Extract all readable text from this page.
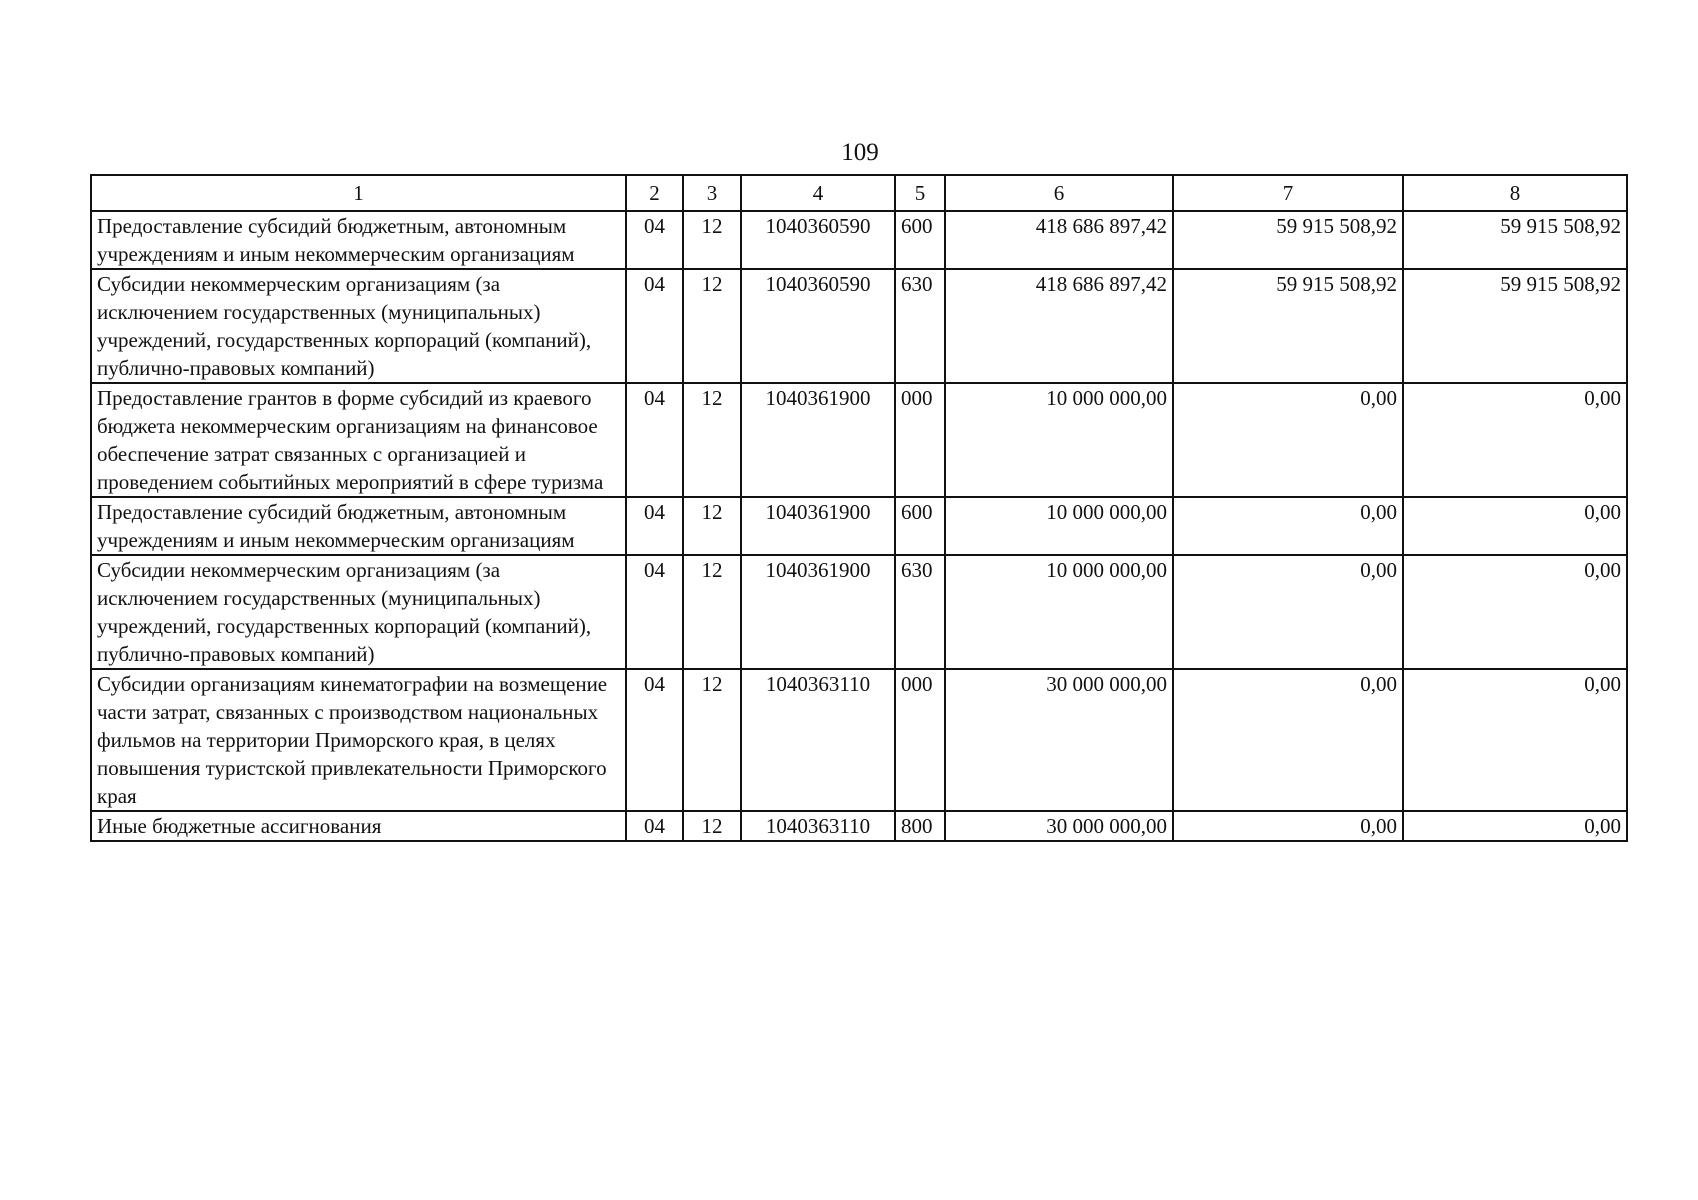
109
1	2	3	4	5	6	7	8
Предоставление субсидий бюджетным, автономным учреждениям и иным некоммерческим организациям	04	12	1040360590	600	418 686 897,42	59 915 508,92	59 915 508,92
Субсидии некоммерческим организациям (за исключением государственных (муниципальных) учреждений, государственных корпораций (компаний), публично-правовых компаний)	04	12	1040360590	630	418 686 897,42	59 915 508,92	59 915 508,92
Предоставление грантов в форме субсидий из краевого бюджета некоммерческим организациям на финансовое обеспечение затрат связанных с организацией и проведением событийных мероприятий в сфере туризма	04	12	1040361900	000	10 000 000,00	0,00	0,00
Предоставление субсидий бюджетным, автономным учреждениям и иным некоммерческим организациям	04	12	1040361900	600	10 000 000,00	0,00	0,00
Субсидии некоммерческим организациям (за исключением государственных (муниципальных) учреждений, государственных корпораций (компаний), публично-правовых компаний)	04	12	1040361900	630	10 000 000,00	0,00	0,00
Субсидии организациям кинематографии на возмещение части затрат, связанных с производством национальных фильмов на территории Приморского края, в целях повышения туристской привлекательности Приморского края	04	12	1040363110	000	30 000 000,00	0,00	0,00
Иные бюджетные ассигнования	04	12	1040363110	800	30 000 000,00	0,00	0,00
